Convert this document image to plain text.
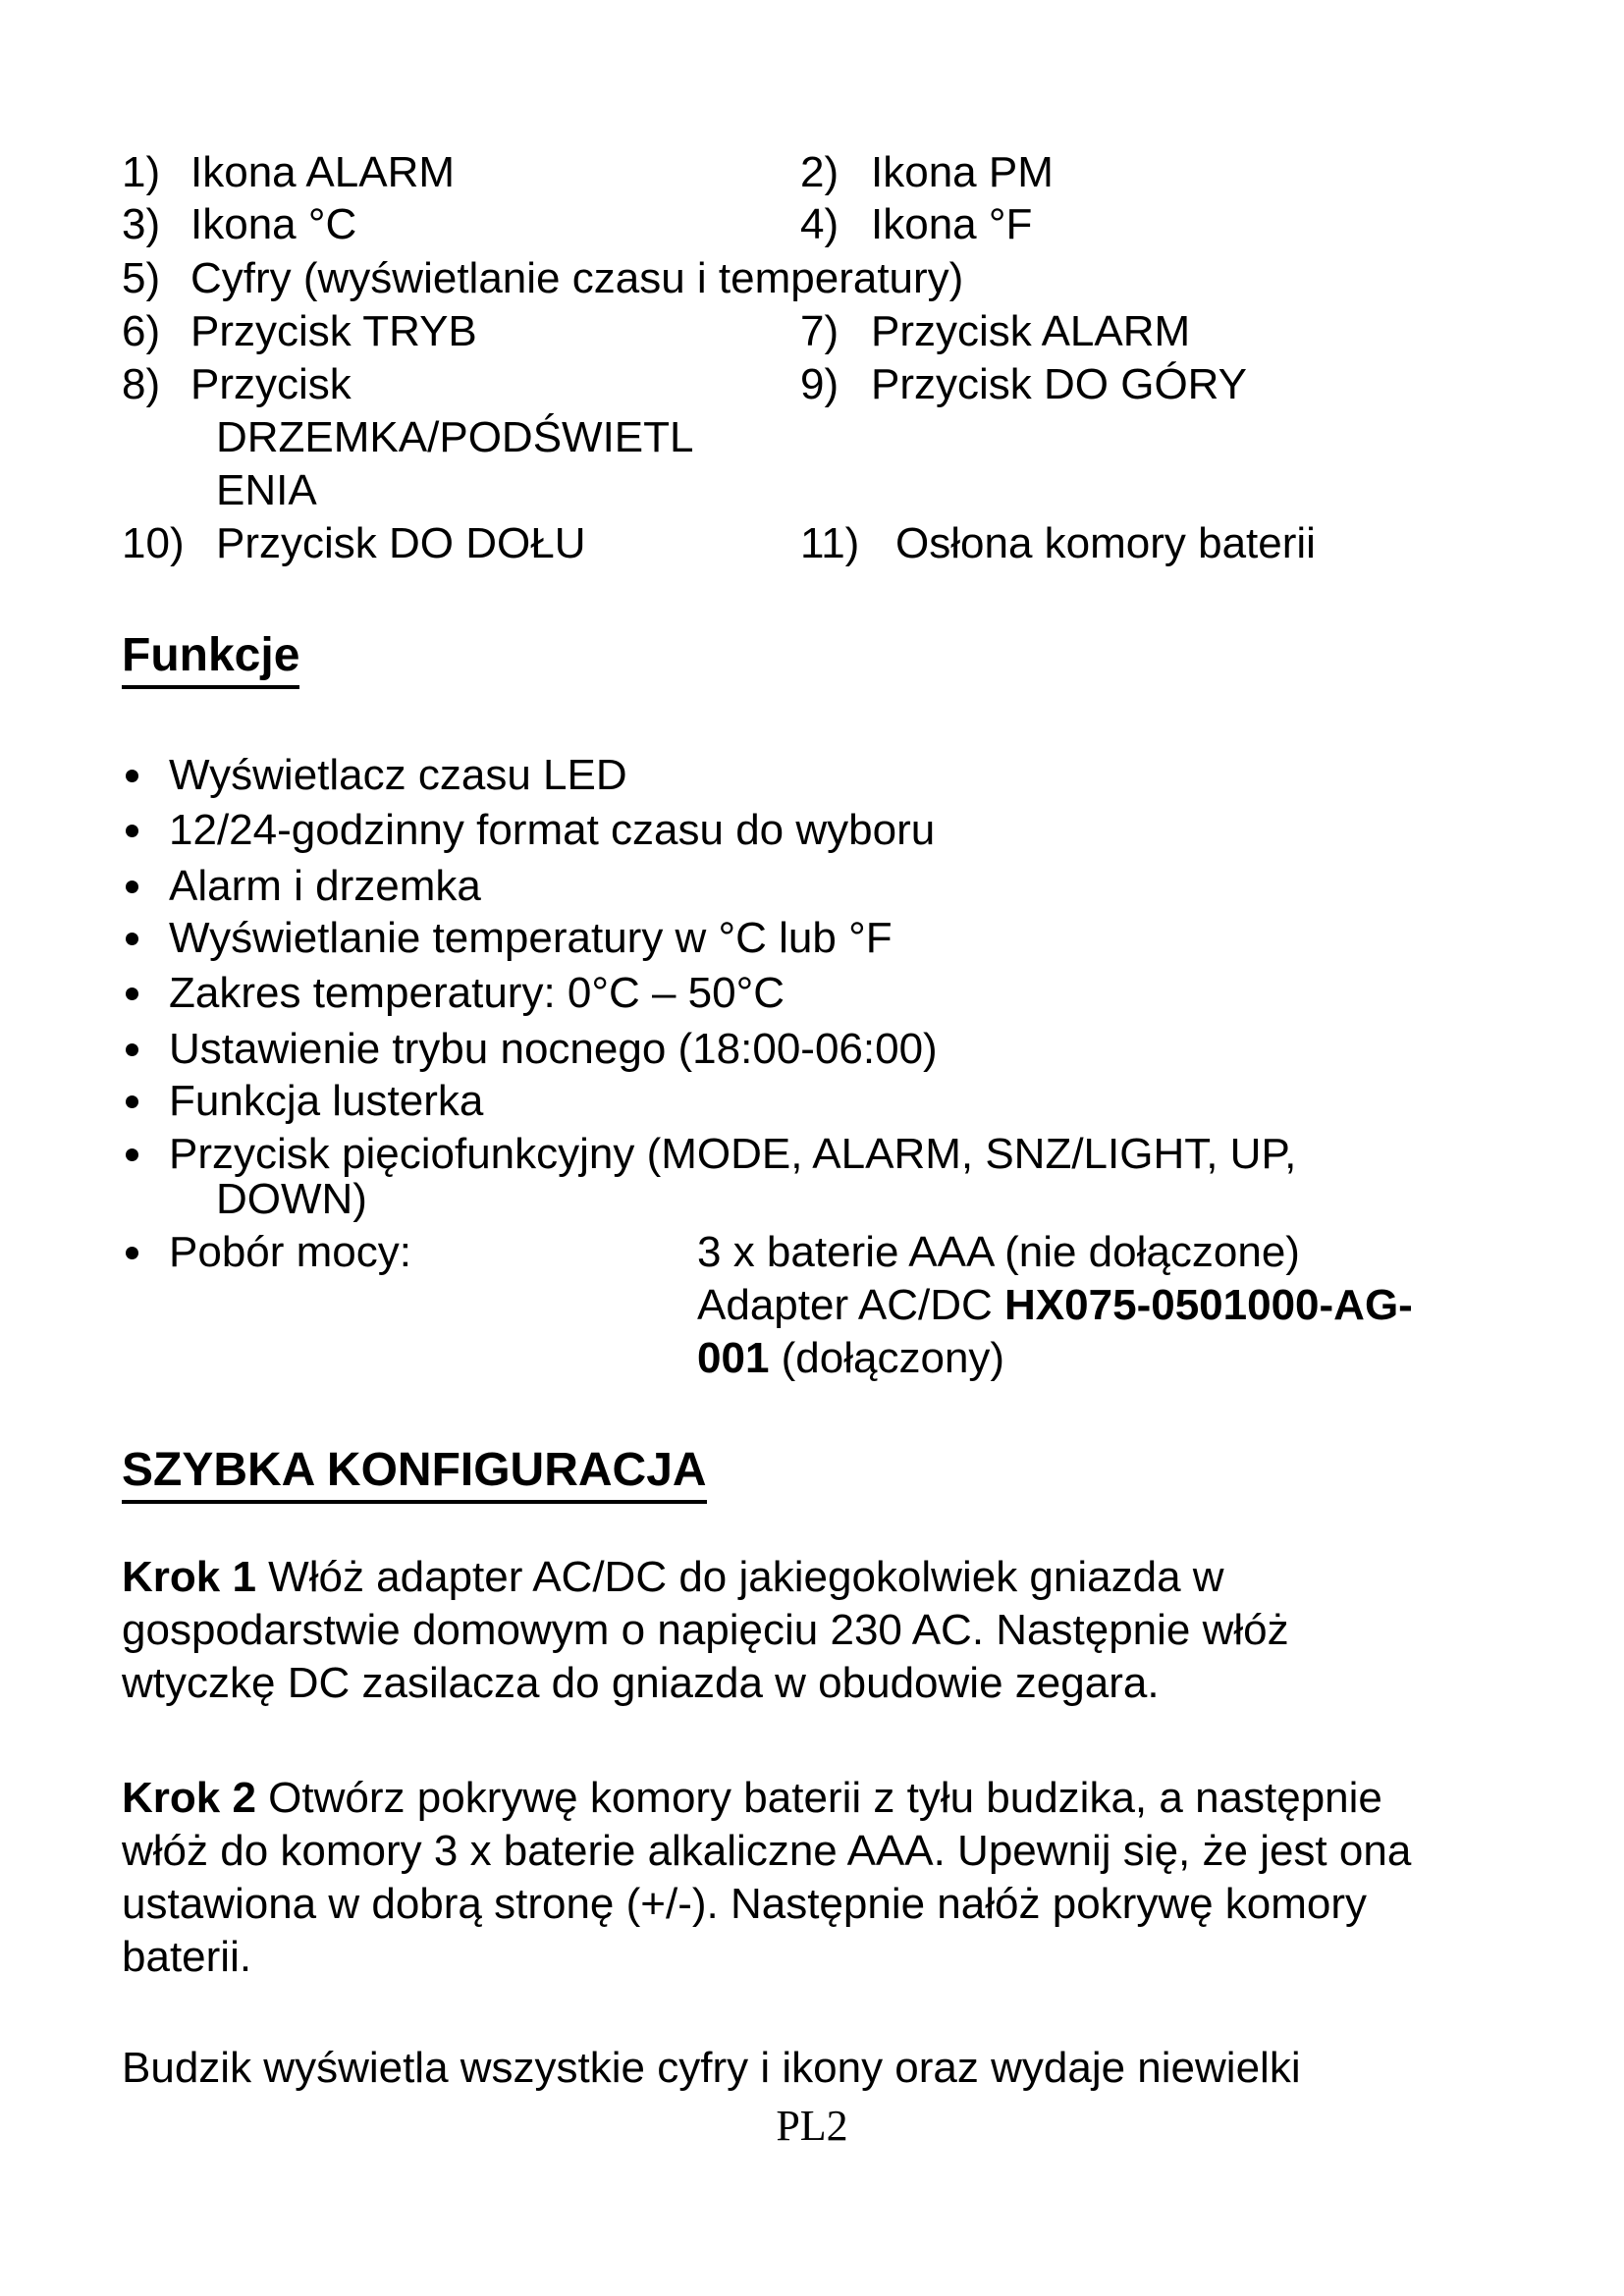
1) Ikona ALARM	2) Ikona PM
3) Ikona °C	4) Ikona °F
5) Cyfry (wyświetlanie czasu i temperatury)
6) Przycisk TRYB	7) Przycisk ALARM
8) Przycisk
DRZEMKA/PODŚWIETL
ENIA
9) Przycisk DO GÓRY
10) Przycisk DO DOŁU	11) Osłona komory baterii
Funkcje
Wyświetlacz czasu LED
12/24-godzinny format czasu do wyboru
Alarm i drzemka
Wyświetlanie temperatury w °C lub °F
Zakres temperatury: 0°C – 50°C
Ustawienie trybu nocnego (18:00-06:00)
Funkcja lusterka
Przycisk pięciofunkcyjny (MODE, ALARM, SNZ/LIGHT, UP,
DOWN)
Pobór mocy:	3 x baterie AAA (nie dołączone)
Adapter AC/DC HX075-0501000-AG-
001 (dołączony)
SZYBKA KONFIGURACJA
Krok 1 Włóż adapter AC/DC do jakiegokolwiek gniazda w
gospodarstwie domowym o napięciu 230 AC. Następnie włóż
wtyczkę DC zasilacza do gniazda w obudowie zegara.
Krok 2 Otwórz pokrywę komory baterii z tyłu budzika, a następnie
włóż do komory 3 x baterie alkaliczne AAA. Upewnij się, że jest ona
ustawiona w dobrą stronę (+/-). Następnie nałóż pokrywę komory
baterii.
Budzik wyświetla wszystkie cyfry i ikony oraz wydaje niewielki
PL2
